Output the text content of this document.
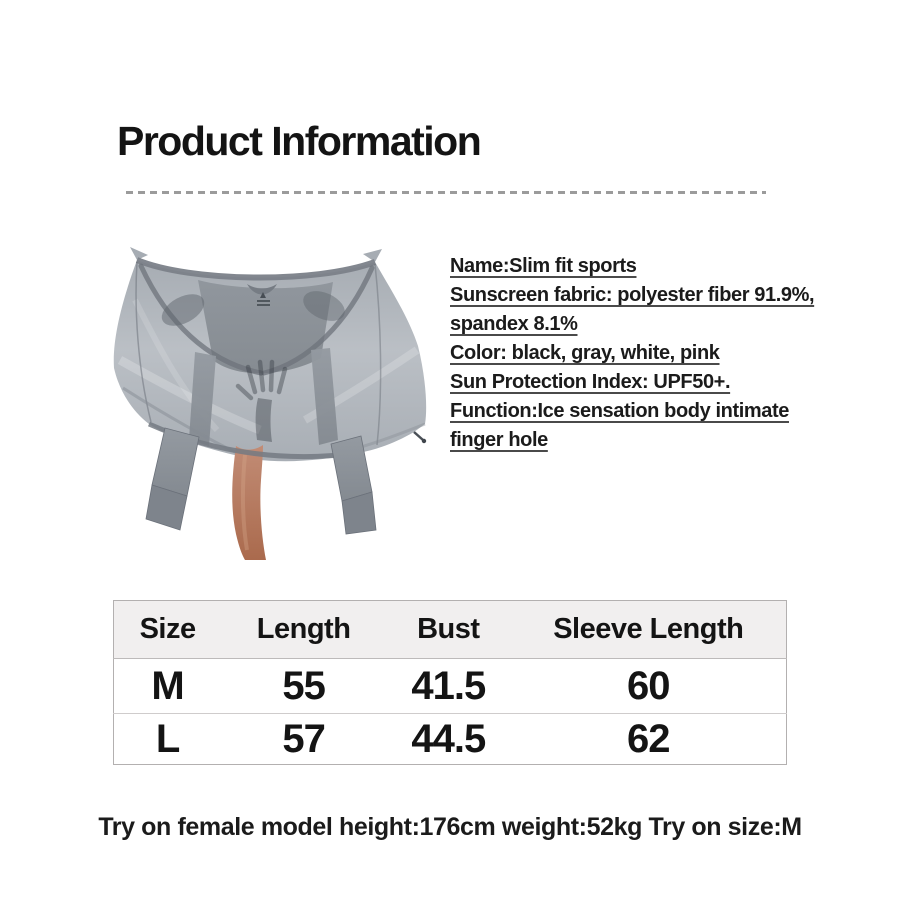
Product Information
Name:Slim fit sports
Sunscreen fabric: polyester fiber 91.9%,
spandex 8.1%
Color: black, gray, white, pink
Sun Protection Index: UPF50+.
Function:Ice sensation body intimate
finger hole
Size	Length	Bust	Sleeve Length
M	55	41.5	60
L	57	44.5	62
Try on female model height:176cm weight:52kg Try on size:M
